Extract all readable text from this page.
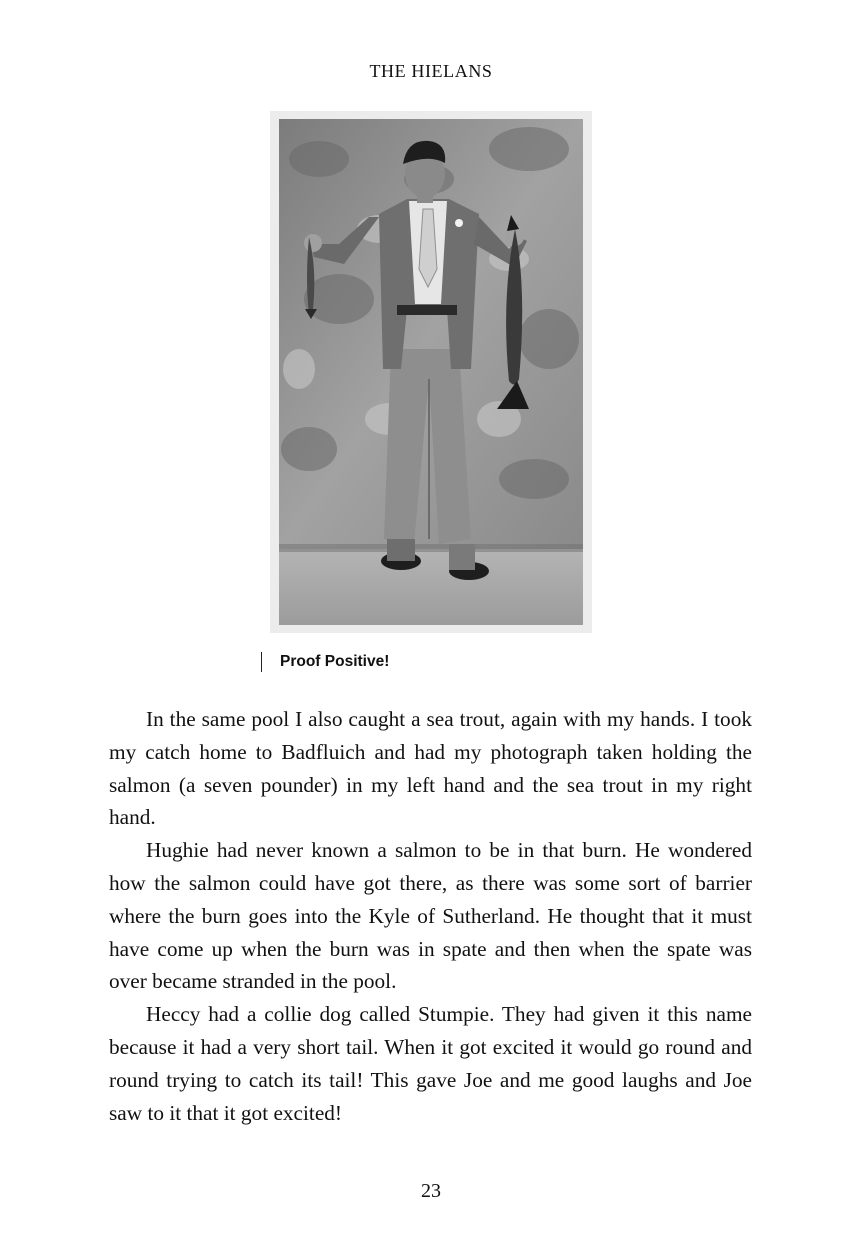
THE HIELANS
Proof Positive!

In the same pool I also caught a sea trout, again with my hands. I took my catch home to Badfluich and had my photograph taken holding the salmon (a seven pounder) in my left hand and the sea trout in my right hand.

Hughie had never known a salmon to be in that burn. He wondered how the salmon could have got there, as there was some sort of barrier where the burn goes into the Kyle of Sutherland. He thought that it must have come up when the burn was in spate and then when the spate was over became stranded in the pool.

Heccy had a collie dog called Stumpie. They had given it this name because it had a very short tail. When it got excited it would go round and round trying to catch its tail! This gave Joe and me good laughs and Joe saw to it that it got excited!

23
